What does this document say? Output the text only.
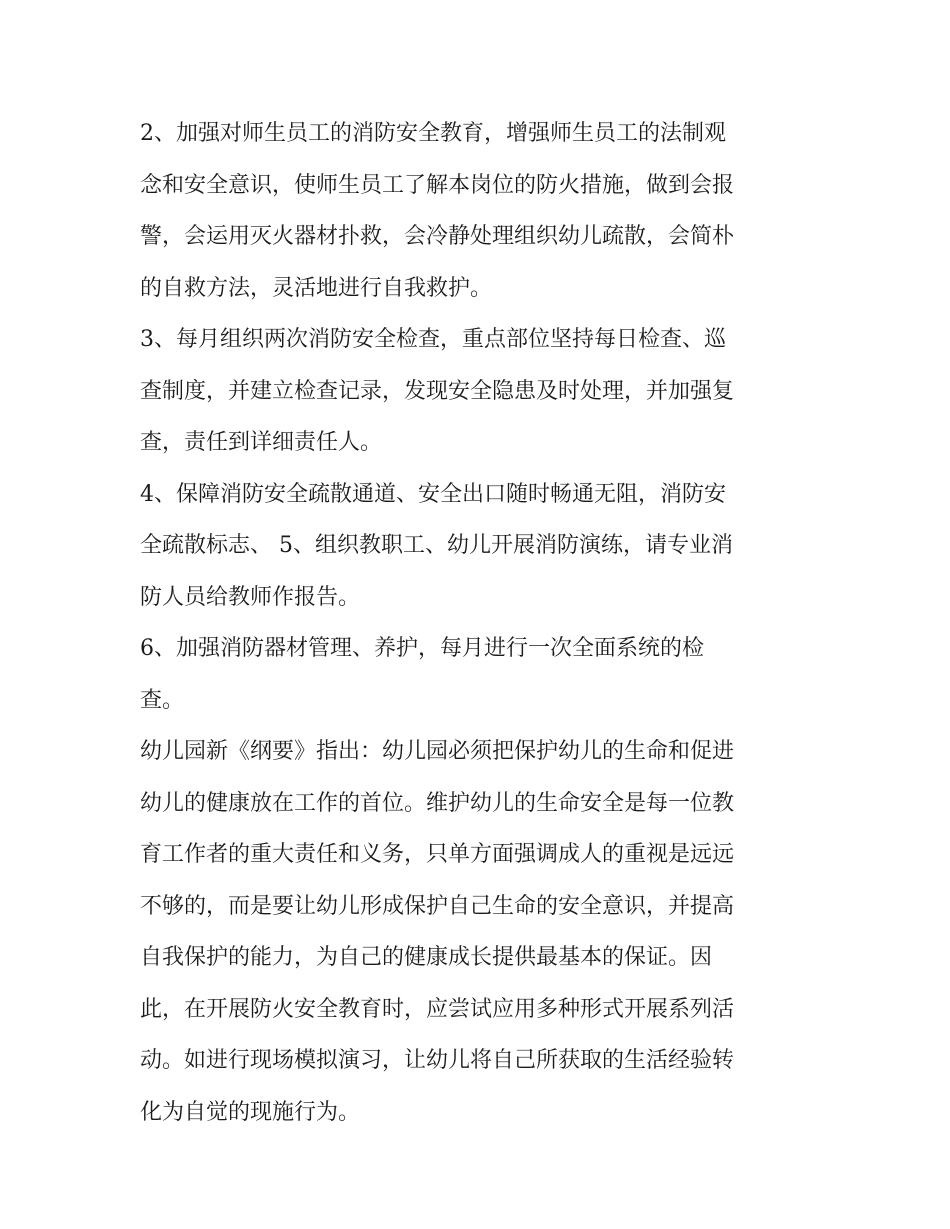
2、加强对师生员工的消防安全教育，增强师生员工的法制观
念和安全意识，使师生员工了解本岗位的防火措施，做到会报
警，会运用灭火器材扑救，会冷静处理组织幼儿疏散，会简朴
的自救方法，灵活地进行自我救护。
3、每月组织两次消防安全检查，重点部位坚持每日检查、巡
查制度，并建立检查记录，发现安全隐患及时处理，并加强复
查，责任到详细责任人。
4、保障消防安全疏散通道、安全出口随时畅通无阻，消防安
全疏散标志、 5、组织教职工、幼儿开展消防演练，请专业消
防人员给教师作报告。
6、加强消防器材管理、养护，每月进行一次全面系统的检
查。
幼儿园新《纲要》指出：幼儿园必须把保护幼儿的生命和促进
幼儿的健康放在工作的首位。维护幼儿的生命安全是每一位教
育工作者的重大责任和义务，只单方面强调成人的重视是远远
不够的，而是要让幼儿形成保护自己生命的安全意识，并提高
自我保护的能力，为自己的健康成长提供最基本的保证。因
此，在开展防火安全教育时，应尝试应用多种形式开展系列活
动。如进行现场模拟演习，让幼儿将自己所获取的生活经验转
化为自觉的现施行为。
